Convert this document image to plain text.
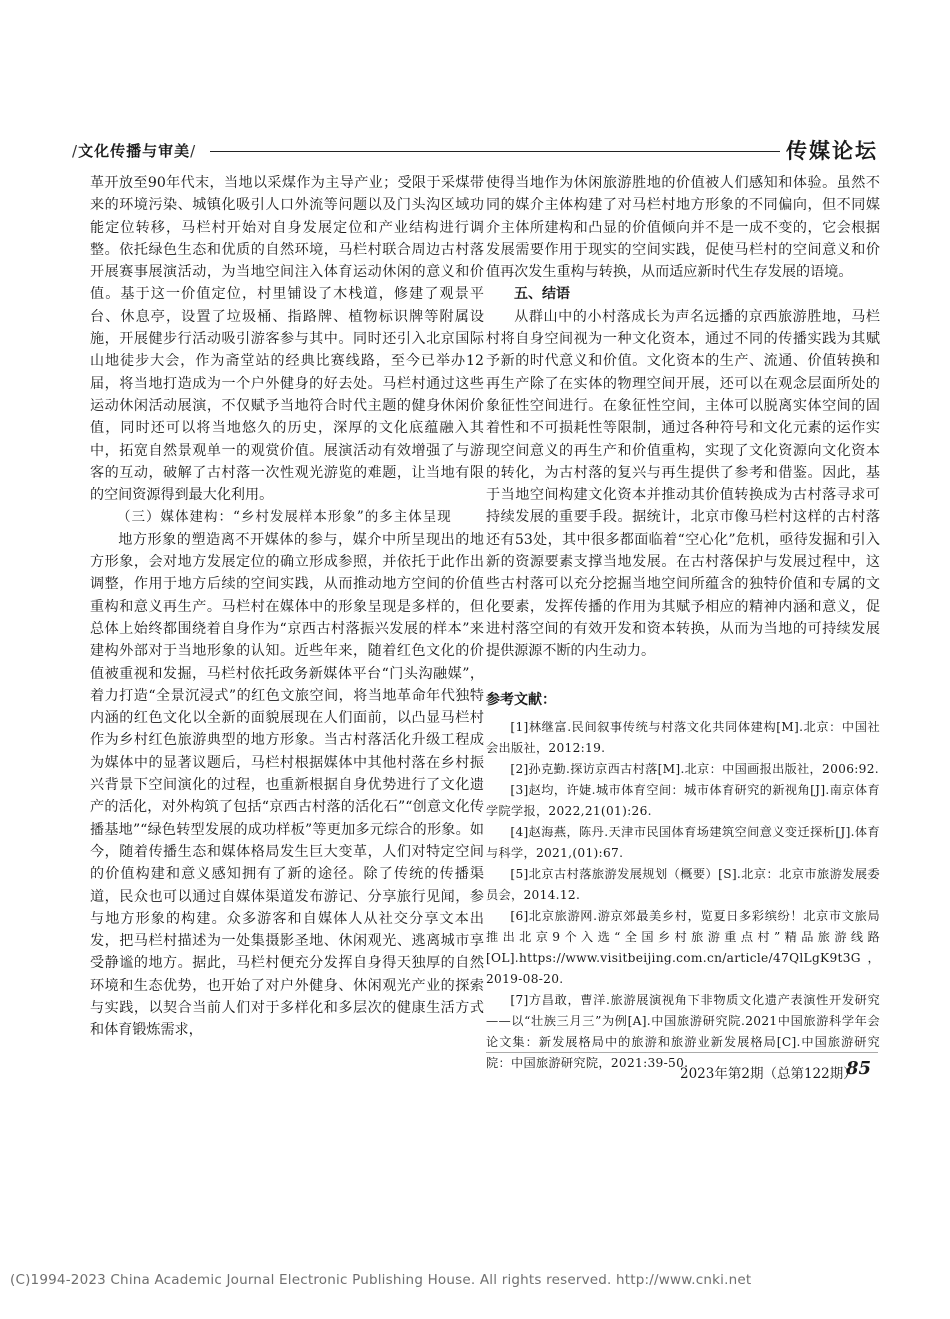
/文化传播与审美/	传媒论坛

革开放至90年代末，当地以采煤作为主导产业；受限于采煤带来的环境污染、城镇化吸引人口外流等问题以及门头沟区域功能定位转移，马栏村开始对自身发展定位和产业结构进行调整。依托绿色生态和优质的自然环境，马栏村联合周边古村落开展赛事展演活动，为当地空间注入体育运动休闲的意义和价值。基于这一价值定位，村里铺设了木栈道，修建了观景平台、休息亭，设置了垃圾桶、指路牌、植物标识牌等附属设施，开展健步行活动吸引游客参与其中。同时还引入北京国际山地徒步大会，作为斋堂站的经典比赛线路，至今已举办12届，将当地打造成为一个户外健身的好去处。马栏村通过这些运动休闲活动展演，不仅赋予当地符合时代主题的健身休闲价值，同时还可以将当地悠久的历史，深厚的文化底蕴融入其中，拓宽自然景观单一的观赏价值。展演活动有效增强了与游客的互动，破解了古村落一次性观光游览的难题，让当地有限的空间资源得到最大化利用。

（三）媒体建构：“乡村发展样本形象”的多主体呈现

地方形象的塑造离不开媒体的参与，媒介中所呈现出的地方形象，会对地方发展定位的确立形成参照，并依托于此作出调整，作用于地方后续的空间实践，从而推动地方空间的价值重构和意义再生产。马栏村在媒体中的形象呈现是多样的，但总体上始终都围绕着自身作为“京西古村落振兴发展的样本”来建构外部对于当地形象的认知。近些年来，随着红色文化的价值被重视和发掘，马栏村依托政务新媒体平台“门头沟融媒”，着力打造“全景沉浸式”的红色文旅空间，将当地革命年代独特内涵的红色文化以全新的面貌展现在人们面前，以凸显马栏村作为乡村红色旅游典型的地方形象。当古村落活化升级工程成为媒体中的显著议题后，马栏村根据媒体中其他村落在乡村振兴背景下空间演化的过程，也重新根据自身优势进行了文化遗产的活化，对外构筑了包括“京西古村落的活化石”“创意文化传播基地”“绿色转型发展的成功样板”等更加多元综合的形象。如今，随着传播生态和媒体格局发生巨大变革，人们对特定空间的价值构建和意义感知拥有了新的途径。除了传统的传播渠道，民众也可以通过自媒体渠道发布游记、分享旅行见闻，参与地方形象的构建。众多游客和自媒体人从社交分享文本出发，把马栏村描述为一处集摄影圣地、休闲观光、逃离城市享受静谧的地方。据此，马栏村便充分发挥自身得天独厚的自然环境和生态优势，也开始了对户外健身、休闲观光产业的探索与实践，以契合当前人们对于多样化和多层次的健康生活方式和体育锻炼需求，

使得当地作为休闲旅游胜地的价值被人们感知和体验。虽然不同的媒介主体构建了对马栏村地方形象的不同偏向，但不同媒介主体所建构和凸显的价值倾向并不是一成不变的，它会根据发展需要作用于现实的空间实践，促使马栏村的空间意义和价值再次发生重构与转换，从而适应新时代生存发展的语境。

五、结语

从群山中的小村落成长为声名远播的京西旅游胜地，马栏村将自身空间视为一种文化资本，通过不同的传播实践为其赋予新的时代意义和价值。文化资本的生产、流通、价值转换和再生产除了在实体的物理空间开展，还可以在观念层面所处的象征性空间进行。在象征性空间，主体可以脱离实体空间的固着性和不可损耗性等限制，通过各种符号和文化元素的运作实现空间意义的再生产和价值重构，实现了文化资源向文化资本的转化，为古村落的复兴与再生提供了参考和借鉴。因此，基于当地空间构建文化资本并推动其价值转换成为古村落寻求可持续发展的重要手段。据统计，北京市像马栏村这样的古村落还有53处，其中很多都面临着“空心化”危机，亟待发掘和引入新的资源要素支撑当地发展。在古村落保护与发展过程中，这些古村落可以充分挖掘当地空间所蕴含的独特价值和专属的文化要素，发挥传播的作用为其赋予相应的精神内涵和意义，促进村落空间的有效开发和资本转换，从而为当地的可持续发展提供源源不断的内生动力。

参考文献：

[1]林继富.民间叙事传统与村落文化共同体建构[M].北京：中国社会出版社，2012:19.

[2]孙克勤.探访京西古村落[M].北京：中国画报出版社，2006:92.

[3]赵均，许婕.城市体育空间：城市体育研究的新视角[J].南京体育学院学报，2022,21(01):26.

[4]赵海燕，陈丹.天津市民国体育场建筑空间意义变迁探析[J].体育与科学，2021,(01):67.

[5]北京古村落旅游发展规划（概要）[S].北京：北京市旅游发展委员会，2014.12.

[6]北京旅游网.游京郊最美乡村，览夏日多彩缤纷！北京市文旅局推出北京9个入选“全国乡村旅游重点村”精品旅游线路[OL].https://www.visitbeijing.com.cn/article/47QlLgK9t3G，2019-08-20.

[7]方昌敢，曹洋.旅游展演视角下非物质文化遗产表演性开发研究——以“壮族三月三”为例[A].中国旅游研究院.2021中国旅游科学年会论文集：新发展格局中的旅游和旅游业新发展格局[C].中国旅游研究院：中国旅游研究院，2021:39-50.

2023年第2期（总第122期）
85
(C)1994-2023 China Academic Journal Electronic Publishing House. All rights reserved. http://www.cnki.net
